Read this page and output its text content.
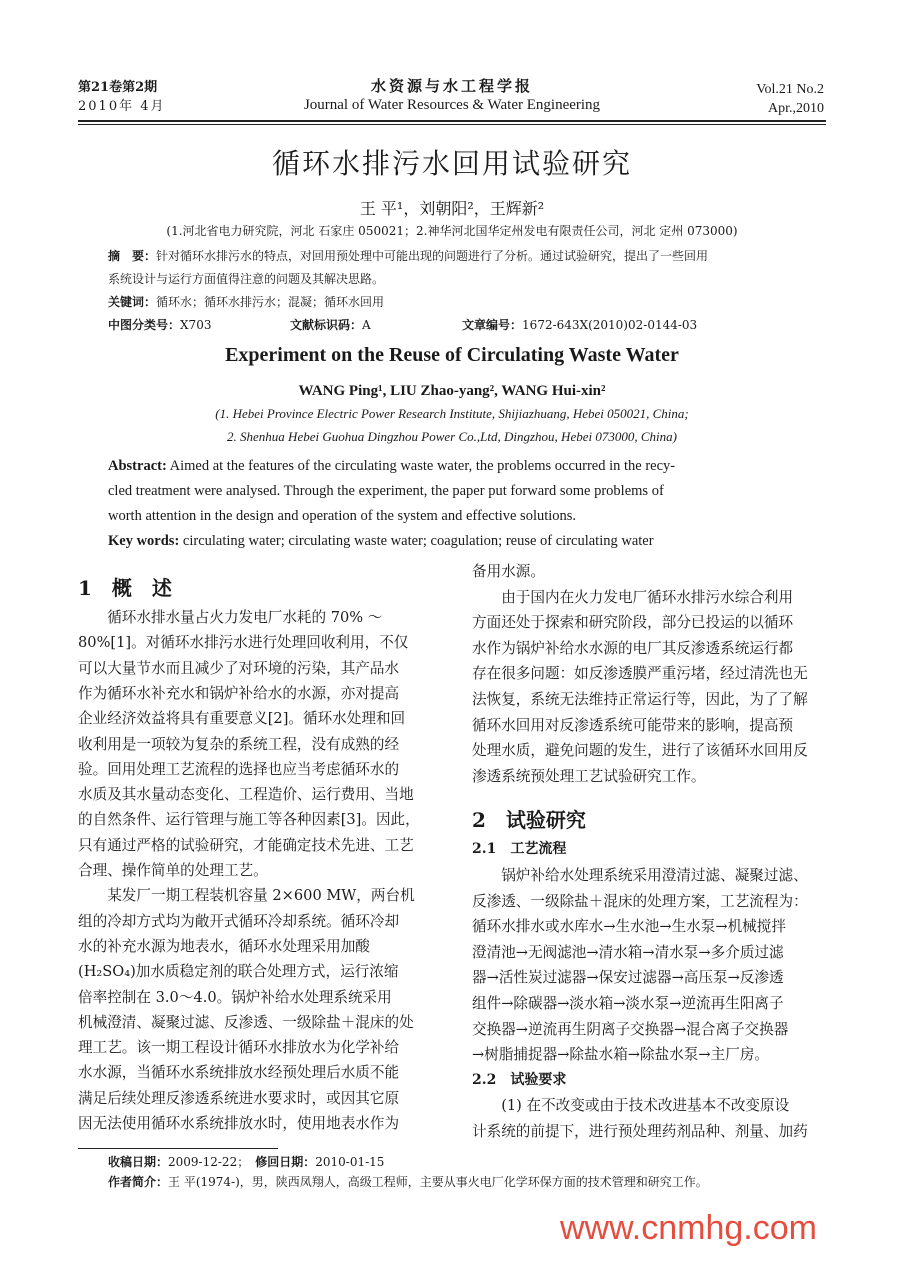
第21卷第2期
2010年 4月
水资源与水工程学报
Journal of Water Resources & Water Engineering
Vol.21 No.2
Apr.,2010
循环水排污水回用试验研究
王 平¹，刘朝阳²，王辉新²
(1.河北省电力研究院，河北 石家庄 050021；2.神华河北国华定州发电有限责任公司，河北 定州 073000)
摘　要：针对循环水排污水的特点，对回用预处理中可能出现的问题进行了分析。通过试验研究，提出了一些回用
系统设计与运行方面值得注意的问题及其解决思路。
关键词：循环水；循环水排污水；混凝；循环水回用
中图分类号：X703	文献标识码：A	文章编号：1672-643X(2010)02-0144-03
Experiment on the Reuse of Circulating Waste Water
WANG Ping¹, LIU Zhao-yang², WANG Hui-xin²
(1. Hebei Province Electric Power Research Institute, Shijiazhuang, Hebei 050021, China;
2. Shenhua Hebei Guohua Dingzhou Power Co.,Ltd, Dingzhou, Hebei 073000, China)
Abstract: Aimed at the features of the circulating waste water, the problems occurred in the recy-
cled treatment were analysed. Through the experiment, the paper put forward some problems of
worth attention in the design and operation of the system and effective solutions.
Key words: circulating water; circulating waste water; coagulation; reuse of circulating water
1　概　述
　　循环水排水量占火力发电厂水耗的 70% ～
80%[1]。对循环水排污水进行处理回收利用，不仅
可以大量节水而且减少了对环境的污染，其产品水
作为循环水补充水和锅炉补给水的水源，亦对提高
企业经济效益将具有重要意义[2]。循环水处理和回
收利用是一项较为复杂的系统工程，没有成熟的经
验。回用处理工艺流程的选择也应当考虑循环水的
水质及其水量动态变化、工程造价、运行费用、当地
的自然条件、运行管理与施工等各种因素[3]。因此，
只有通过严格的试验研究，才能确定技术先进、工艺
合理、操作简单的处理工艺。
　　某发厂一期工程装机容量 2×600 MW，两台机
组的冷却方式均为敞开式循环冷却系统。循环冷却
水的补充水源为地表水，循环水处理采用加酸
(H₂SO₄)加水质稳定剂的联合处理方式，运行浓缩
倍率控制在 3.0～4.0。锅炉补给水处理系统采用
机械澄清、凝聚过滤、反渗透、一级除盐＋混床的处
理工艺。该一期工程设计循环水排放水为化学补给
水水源，当循环水系统排放水经预处理后水质不能
满足后续处理反渗透系统进水要求时，或因其它原
因无法使用循环水系统排放水时，使用地表水作为
备用水源。
　　由于国内在火力发电厂循环水排污水综合利用
方面还处于探索和研究阶段，部分已投运的以循环
水作为锅炉补给水水源的电厂其反渗透系统运行都
存在很多问题：如反渗透膜严重污堵，经过清洗也无
法恢复，系统无法维持正常运行等，因此，为了了解
循环水回用对反渗透系统可能带来的影响，提高预
处理水质，避免问题的发生，进行了该循环水回用反
渗透系统预处理工艺试验研究工作。
2　试验研究
2.1　工艺流程
　　锅炉补给水处理系统采用澄清过滤、凝聚过滤、
反渗透、一级除盐＋混床的处理方案，工艺流程为：
循环水排水或水库水→生水池→生水泵→机械搅拌
澄清池→无阀滤池→清水箱→清水泵→多介质过滤
器→活性炭过滤器→保安过滤器→高压泵→反渗透
组件→除碳器→淡水箱→淡水泵→逆流再生阳离子
交换器→逆流再生阴离子交换器→混合离子交换器
→树脂捕捉器→除盐水箱→除盐水泵→主厂房。
2.2　试验要求
　　(1) 在不改变或由于技术改进基本不改变原设
计系统的前提下，进行预处理药剂品种、剂量、加药
收稿日期：2009-12-22；　修回日期：2010-01-15
作者简介：王 平(1974-)，男，陕西凤翔人，高级工程师，主要从事火电厂化学环保方面的技术管理和研究工作。
www.cnmhg.com
